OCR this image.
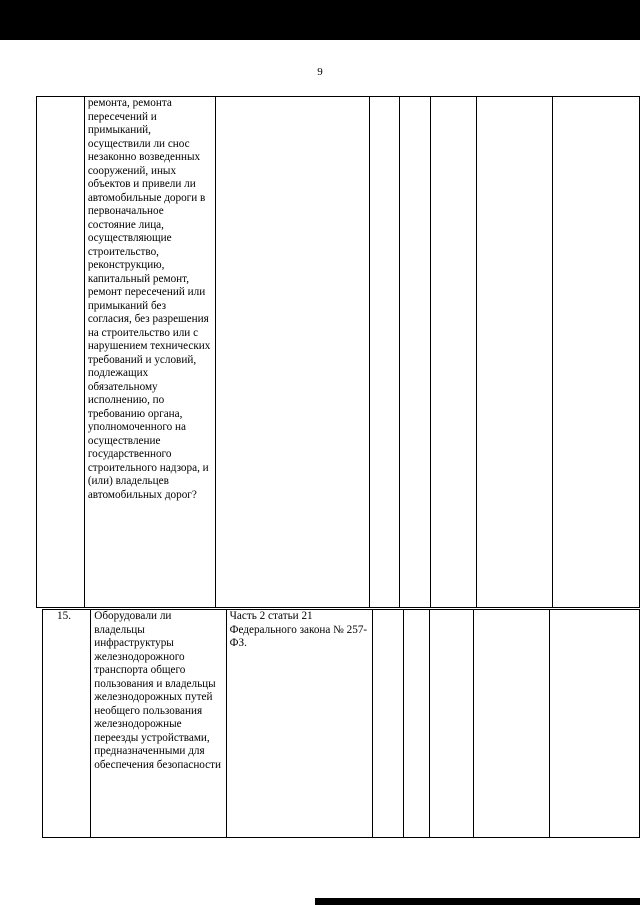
9
	ремонта, ремонта пересечений и примыканий, осуществили ли снос незаконно возведенных сооружений, иных объектов и привели ли автомобильные дороги в первоначальное состояние лица, осуществляющие строительство, реконструкцию, капитальный ремонт, ремонт пересечений или примыканий без согласия, без разрешения на строительство или с нарушением технических требований и условий, подлежащих обязательному исполнению, по требованию органа, уполномоченного на осуществление государственного строительного надзора, и (или) владельцев автомобильных дорог?						
15.	Оборудовали ли владельцы инфраструктуры железнодорожного транспорта общего пользования и владельцы железнодорожных путей необщего пользования железнодорожные переезды устройствами, предназначенными для обеспечения безопасности	Часть 2 статьи 21 Федерального закона № 257-ФЗ.					
